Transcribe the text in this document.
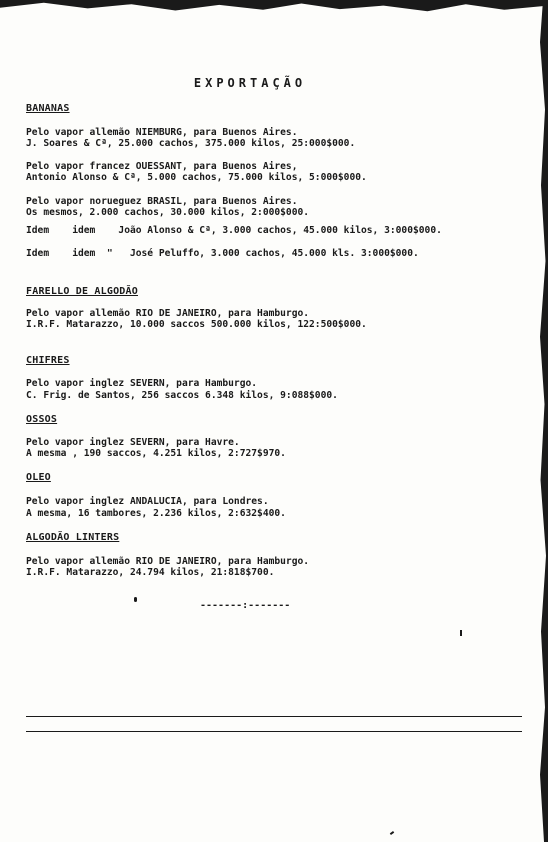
EXPORTAÇÃO
BANANAS
Pelo vapor allemão NIEMBURG, para Buenos Aires.
J. Soares & Cª, 25.000 cachos, 375.000 kilos, 25:000$000.
Pelo vapor francez OUESSANT, para Buenos Aires,
Antonio Alonso & Cª, 5.000 cachos, 75.000 kilos, 5:000$000.
Pelo vapor norueguez BRASIL, para Buenos Aires.
Os mesmos, 2.000 cachos, 30.000 kilos, 2:000$000.
Idem    idem    João Alonso & Cª, 3.000 cachos, 45.000 kilos, 3:000$000.
Idem    idem  "   José Peluffo, 3.000 cachos, 45.000 kls. 3:000$000.
FARELLO DE ALGODÃO
Pelo vapor allemão RIO DE JANEIRO, para Hamburgo.
I.R.F. Matarazzo, 10.000 saccos 500.000 kilos, 122:500$000.
CHIFRES
Pelo vapor inglez SEVERN, para Hamburgo.
C. Frig. de Santos, 256 saccos 6.348 kilos, 9:088$000.
OSSOS
Pelo vapor inglez SEVERN, para Havre.
A mesma , 190 saccos, 4.251 kilos, 2:727$970.
OLEO
Pelo vapor inglez ANDALUCIA, para Londres.
A mesma, 16 tambores, 2.236 kilos, 2:632$400.
ALGODÃO LINTERS
Pelo vapor allemão RIO DE JANEIRO, para Hamburgo.
I.R.F. Matarazzo, 24.794 kilos, 21:818$700.
-------:-------
